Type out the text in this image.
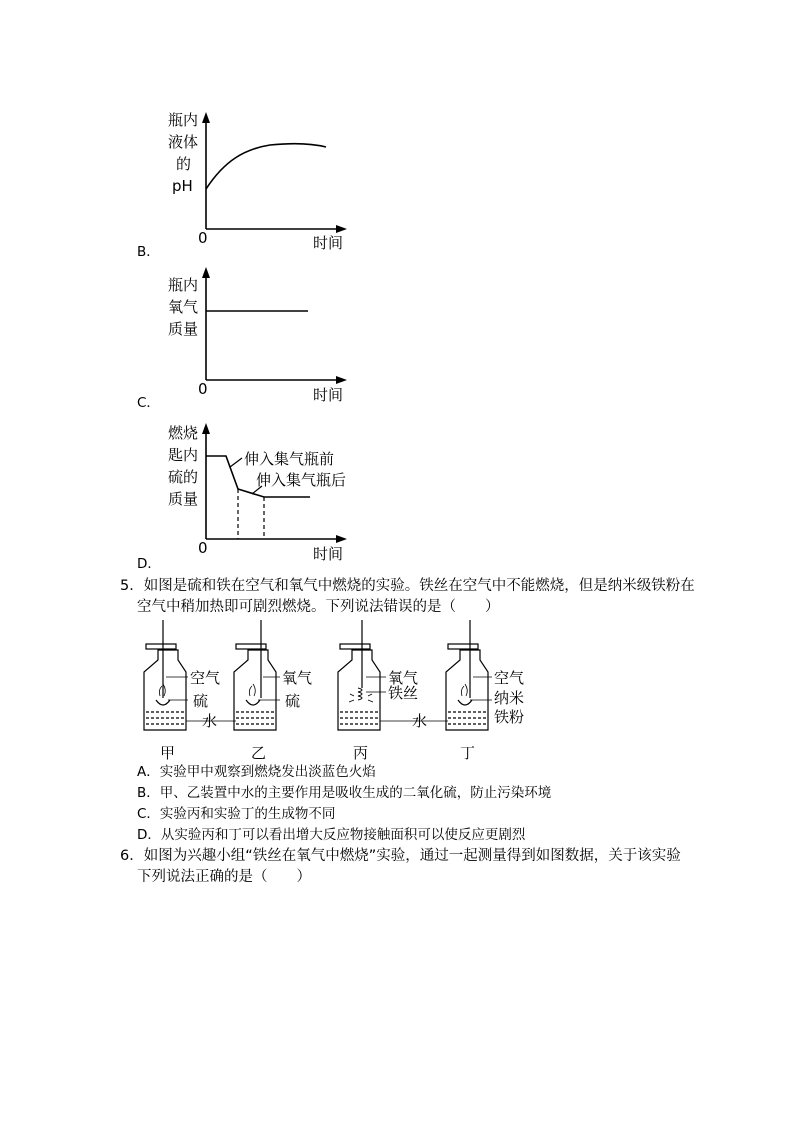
瓶内
液体
的
pH
0	时间
B．
瓶内
氧气
质量
0	时间
C．
伸入集气瓶前
伸入集气瓶后
燃烧
匙内
硫的
质量
0	时间
D．
5．如图是硫和铁在空气和氧气中燃烧的实验。铁丝在空气中不能燃烧，但是纳米级铁粉在
空气中稍加热即可剧烈燃烧。下列说法错误的是（　　）
空气
硫
甲
氧气
硫
乙
水
氧气
铁丝
丙
水
空气
纳米
铁粉
丁
A．实验甲中观察到燃烧发出淡蓝色火焰
B．甲、乙装置中水的主要作用是吸收生成的二氧化硫，防止污染环境
C．实验丙和实验丁的生成物不同
D．从实验丙和丁可以看出增大反应物接触面积可以使反应更剧烈
6．如图为兴趣小组“铁丝在氧气中燃烧”实验，通过一起测量得到如图数据，关于该实验
下列说法正确的是（　　）
